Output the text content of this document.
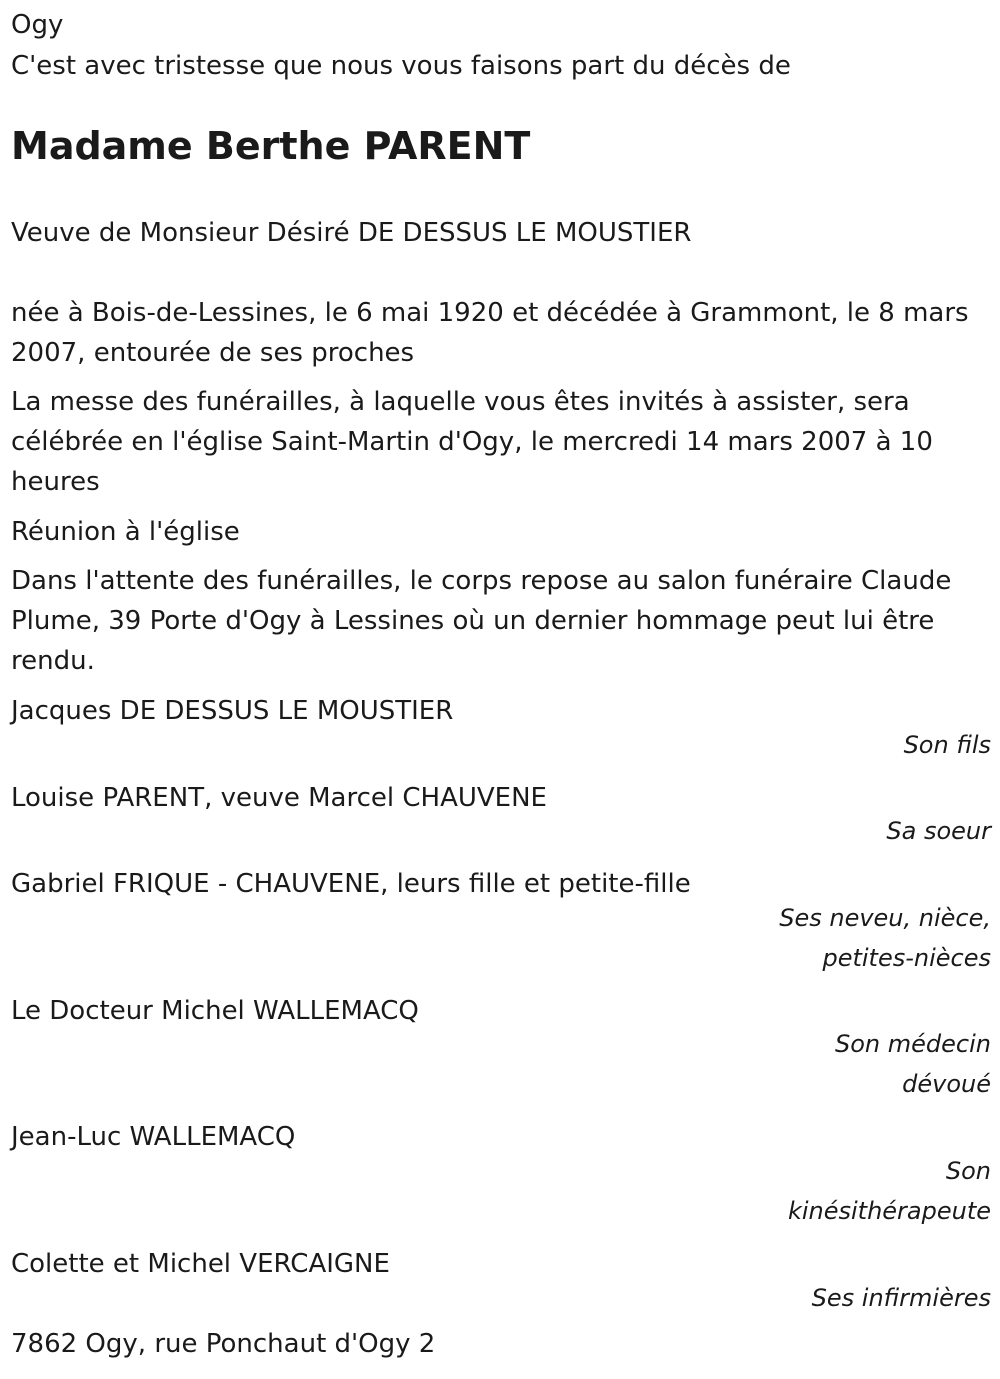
Ogy

C'est avec tristesse que nous vous faisons part du décès de

Madame Berthe PARENT

Veuve de Monsieur Désiré DE DESSUS LE MOUSTIER

née à Bois-de-Lessines, le 6 mai 1920 et décédée à Grammont, le 8 mars 2007, entourée de ses proches

La messe des funérailles, à laquelle vous êtes invités à assister, sera célébrée en l'église Saint-Martin d'Ogy, le mercredi 14 mars 2007 à 10 heures

Réunion à l'église

Dans l'attente des funérailles, le corps repose au salon funéraire Claude Plume, 39 Porte d'Ogy à Lessines où un dernier hommage peut lui être rendu.

Jacques DE DESSUS LE MOUSTIER

Son fils

Louise PARENT, veuve Marcel CHAUVENE

Sa soeur

Gabriel FRIQUE - CHAUVENE, leurs fille et petite-fille

Ses neveu, nièce, petites-nièces

Le Docteur Michel WALLEMACQ

Son médecin dévoué

Jean-Luc WALLEMACQ

Son kinésithérapeute

Colette et Michel VERCAIGNE

Ses infirmières

7862 Ogy, rue Ponchaut d'Ogy 2
